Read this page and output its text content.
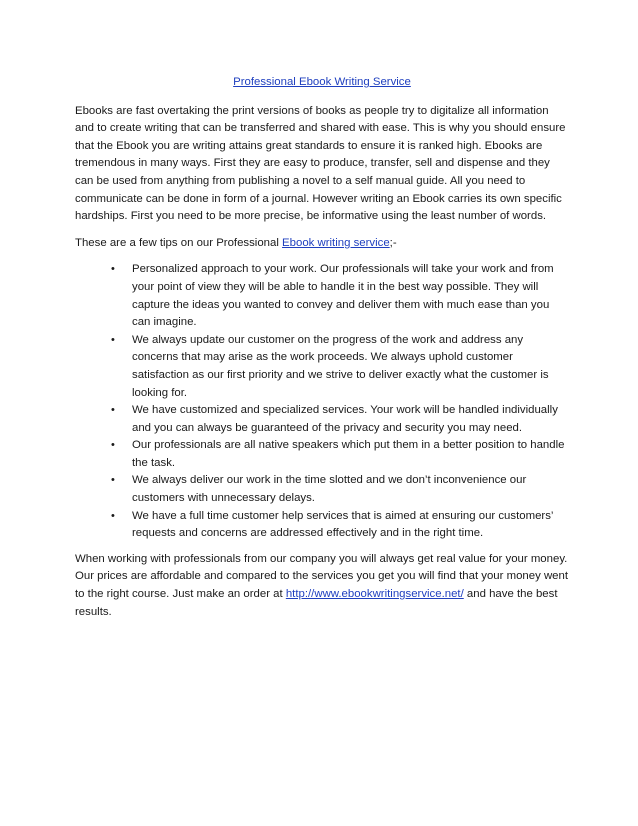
Professional Ebook Writing Service

Ebooks are fast overtaking the print versions of books as people try to digitalize all information and to create writing that can be transferred and shared with ease. This is why you should ensure that the Ebook you are writing attains great standards to ensure it is ranked high. Ebooks are tremendous in many ways. First they are easy to produce, transfer, sell and dispense and they can be used from anything from publishing a novel to a self manual guide. All you need to communicate can be done in form of a journal. However writing an Ebook carries its own specific hardships. First you need to be more precise, be informative using the least number of words.

These are a few tips on our Professional Ebook writing service;-

• Personalized approach to your work. Our professionals will take your work and from your point of view they will be able to handle it in the best way possible. They will capture the ideas you wanted to convey and deliver them with much ease than you can imagine.
• We always update our customer on the progress of the work and address any concerns that may arise as the work proceeds. We always uphold customer satisfaction as our first priority and we strive to deliver exactly what the customer is looking for.
• We have customized and specialized services. Your work will be handled individually and you can always be guaranteed of the privacy and security you may need.
• Our professionals are all native speakers which put them in a better position to handle the task.
• We always deliver our work in the time slotted and we don’t inconvenience our customers with unnecessary delays.
• We have a full time customer help services that is aimed at ensuring our customers’ requests and concerns are addressed effectively and in the right time.

When working with professionals from our company you will always get real value for your money. Our prices are affordable and compared to the services you get you will find that your money went to the right course. Just make an order at http://www.ebookwritingservice.net/ and have the best results.
